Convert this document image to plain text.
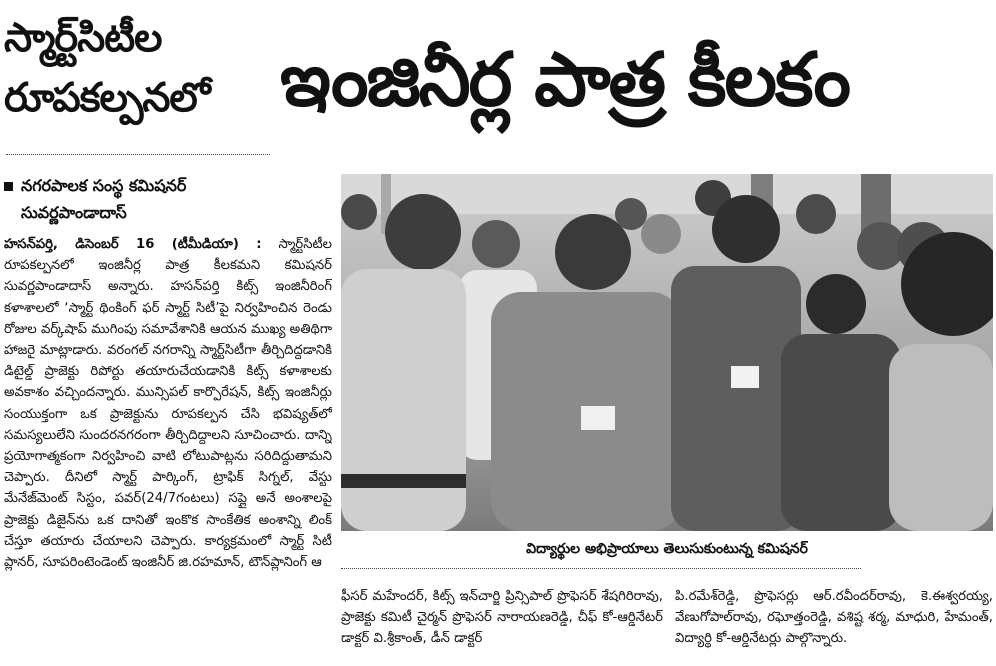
స్మార్ట్‌సిటీల
రూపకల్పనలో ఇంజినీర్ల పాత్ర కీలకం
నగరపాలక సంస్థ కమిషనర్
సువర్ణపాండాదాస్
హసన్‌పర్తి, డిసెంబర్ 16 (టీమీడియా) : స్మార్ట్‌సిటీల రూపకల్పనలో ఇంజినీర్ల పాత్ర కీలకమని కమిషనర్ సువర్ణపాండాదాస్ అన్నారు. హసన్‌పర్తి కిట్స్ ఇంజినీరింగ్ కళాశాలలో ‘స్మార్ట్ థింకింగ్ ఫర్ స్మార్ట్ సిటీ’పై నిర్వహించిన రెండు రోజుల వర్క్‌షాప్ ముగింపు సమావేశానికి ఆయన ముఖ్య అతిథిగా హాజరై మాట్లాడారు. వరంగల్ నగరాన్ని స్మార్ట్‌సిటీగా తీర్చిదిద్దడానికి డిటైల్డ్ ప్రాజెక్టు రిపోర్టు తయారుచేయడానికి కిట్స్ కళాశాలకు అవకాశం వచ్చిందన్నారు. మున్సిపల్ కార్పొరేషన్, కిట్స్ ఇంజినీర్లు సంయుక్తంగా ఒక ప్రాజెక్టును రూపకల్పన చేసి భవిష్యత్‌లో సమస్యలులేని సుందరనగరంగా తీర్చిదిద్దాలని సూచించారు. దాన్ని ప్రయోగాత్మకంగా నిర్వహించి వాటి లోటుపాట్లను సరిదిద్దుతామని చెప్పారు. దీనిలో స్మార్ట్ పార్కింగ్, ట్రాఫిక్ సిగ్నల్, వేస్టు మేనేజ్‌మెంట్ సిస్టం, పవర్(24/7గంటలు) సప్లై అనే అంశాలపై ప్రాజెక్టు డిజైన్‌ను ఒక దానితో ఇంకొక సాంకేతిక అంశాన్ని లింక్ చేస్తూ తయారు చేయాలని చెప్పారు. కార్యక్రమంలో స్మార్ట్ సిటీ ప్లానర్, సూపరింటెండెంట్ ఇంజినీర్ జి.రహమాన్, టౌన్‌ప్లానింగ్ ఆ
విద్యార్థుల అభిప్రాయాలు తెలుసుకుంటున్న కమిషనర్
ఫీసర్ మహేందర్, కిట్స్ ఇన్‌చార్జి ప్రిన్సిపాల్ ప్రొఫెసర్ శేషగిరిరావు, ప్రాజెక్టు కమిటీ చైర్మన్ ప్రొఫెసర్ నారాయణరెడ్డి, చీఫ్ కో-ఆర్డినేటర్ డాక్టర్ వి.శ్రీకాంత్, డీన్ డాక్టర్
పి.రమేశ్‌రెడ్డి, ప్రొఫెసర్లు ఆర్.రవీందర్‌రావు, కె.ఈశ్వరయ్య, వేణుగోపాల్‌రావు, రఘోత్తంరెడ్డి, వశిష్ట శర్మ, మాధురి, హేమంత్, విద్యార్థి కో-ఆర్డినేటర్లు పాల్గొన్నారు.
